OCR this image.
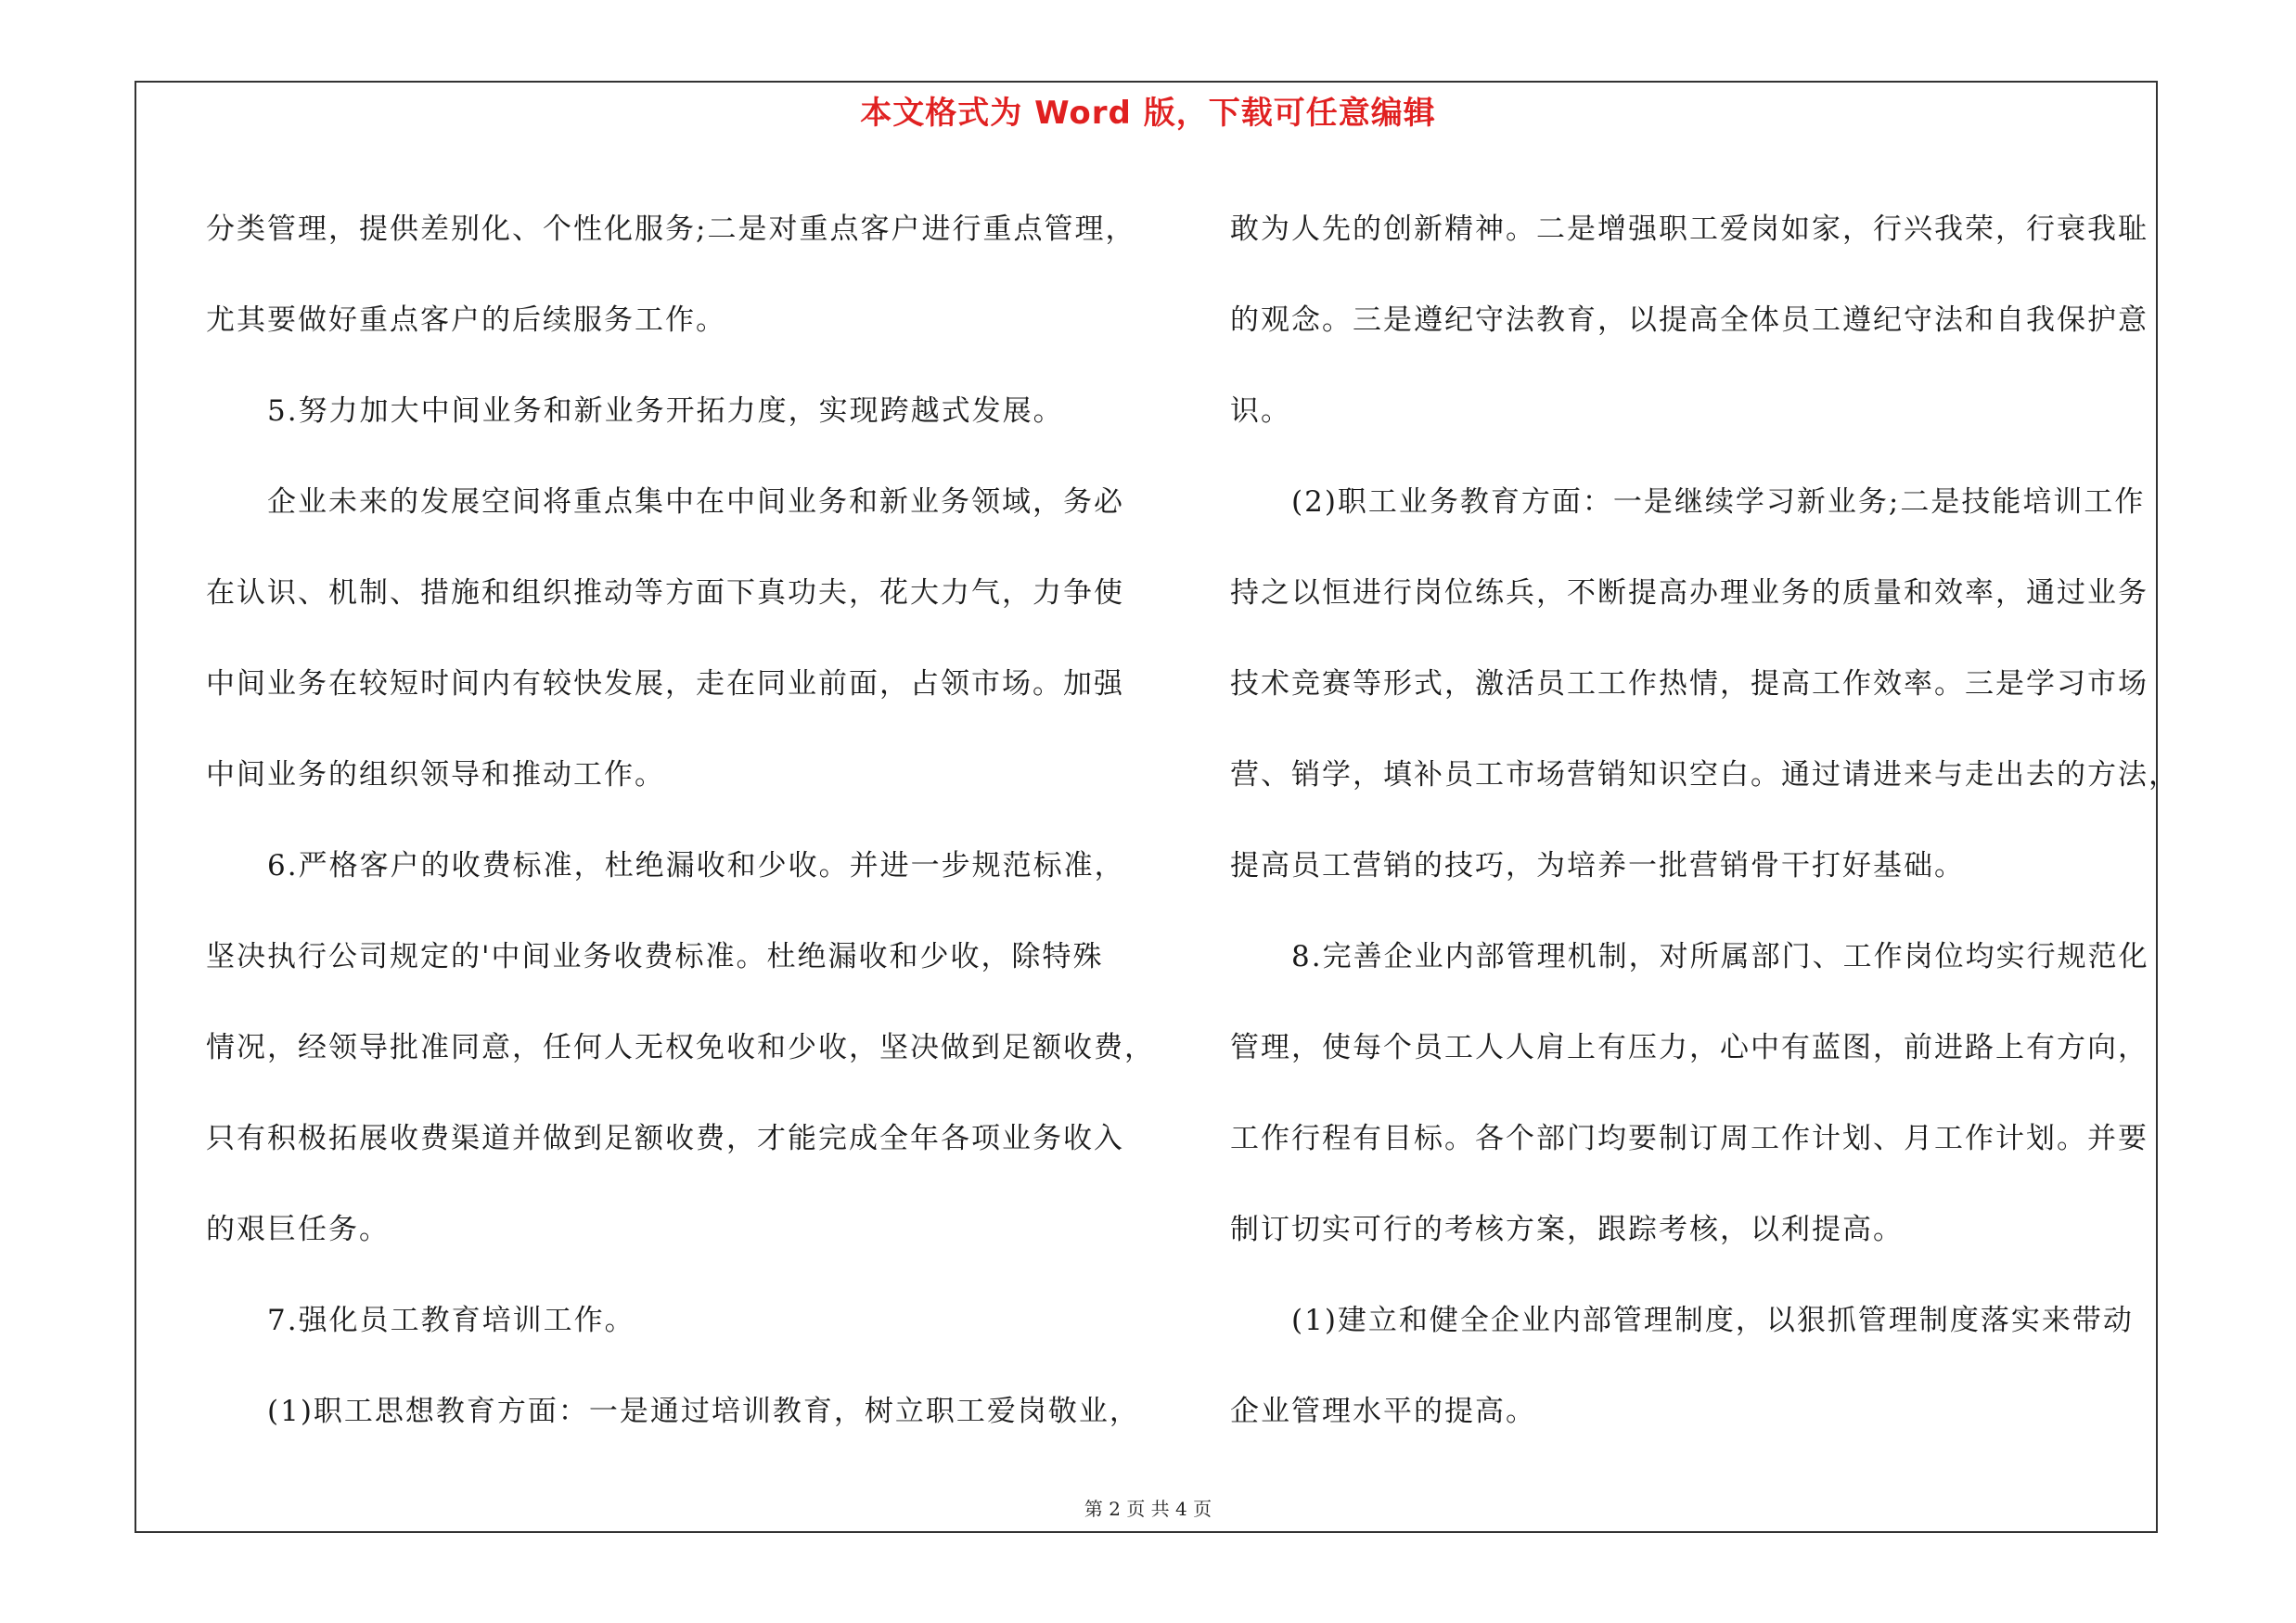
本文格式为 Word 版，下载可任意编辑
分类管理，提供差别化、个性化服务;二是对重点客户进行重点管理，
尤其要做好重点客户的后续服务工作。
5.努力加大中间业务和新业务开拓力度，实现跨越式发展。
企业未来的发展空间将重点集中在中间业务和新业务领域，务必
在认识、机制、措施和组织推动等方面下真功夫，花大力气，力争使
中间业务在较短时间内有较快发展，走在同业前面，占领市场。加强
中间业务的组织领导和推动工作。
6.严格客户的收费标准，杜绝漏收和少收。并进一步规范标准，
坚决执行公司规定的'中间业务收费标准。杜绝漏收和少收，除特殊
情况，经领导批准同意，任何人无权免收和少收，坚决做到足额收费，
只有积极拓展收费渠道并做到足额收费，才能完成全年各项业务收入
的艰巨任务。
7.强化员工教育培训工作。
(1)职工思想教育方面：一是通过培训教育，树立职工爱岗敬业，
敢为人先的创新精神。二是增强职工爱岗如家，行兴我荣，行衰我耻
的观念。三是遵纪守法教育，以提高全体员工遵纪守法和自我保护意
识。
(2)职工业务教育方面：一是继续学习新业务;二是技能培训工作
持之以恒进行岗位练兵，不断提高办理业务的质量和效率，通过业务
技术竞赛等形式，激活员工工作热情，提高工作效率。三是学习市场
营、销学，填补员工市场营销知识空白。通过请进来与走出去的方法，
提高员工营销的技巧，为培养一批营销骨干打好基础。
8.完善企业内部管理机制，对所属部门、工作岗位均实行规范化
管理，使每个员工人人肩上有压力，心中有蓝图，前进路上有方向，
工作行程有目标。各个部门均要制订周工作计划、月工作计划。并要
制订切实可行的考核方案，跟踪考核，以利提高。
(1)建立和健全企业内部管理制度，以狠抓管理制度落实来带动
企业管理水平的提高。
第 2 页 共 4 页
